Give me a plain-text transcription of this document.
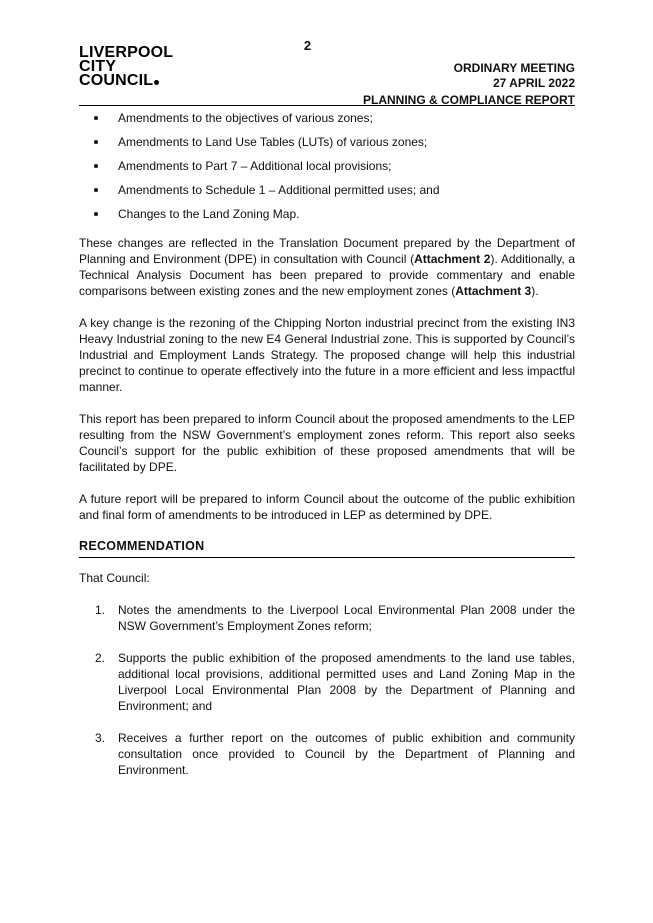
2
LIVERPOOL
CITY
COUNCIL
ORDINARY MEETING
27 APRIL 2022
PLANNING & COMPLIANCE REPORT
Amendments to the objectives of various zones;
Amendments to Land Use Tables (LUTs) of various zones;
Amendments to Part 7 – Additional local provisions;
Amendments to Schedule 1 – Additional permitted uses; and
Changes to the Land Zoning Map.

These changes are reflected in the Translation Document prepared by the Department of Planning and Environment (DPE) in consultation with Council (Attachment 2). Additionally, a Technical Analysis Document has been prepared to provide commentary and enable comparisons between existing zones and the new employment zones (Attachment 3).

A key change is the rezoning of the Chipping Norton industrial precinct from the existing IN3 Heavy Industrial zoning to the new E4 General Industrial zone. This is supported by Council’s Industrial and Employment Lands Strategy. The proposed change will help this industrial precinct to continue to operate effectively into the future in a more efficient and less impactful manner.

This report has been prepared to inform Council about the proposed amendments to the LEP resulting from the NSW Government’s employment zones reform. This report also seeks Council’s support for the public exhibition of these proposed amendments that will be facilitated by DPE.

A future report will be prepared to inform Council about the outcome of the public exhibition and final form of amendments to be introduced in LEP as determined by DPE.

RECOMMENDATION

That Council:

1. Notes the amendments to the Liverpool Local Environmental Plan 2008 under the NSW Government’s Employment Zones reform;
2. Supports the public exhibition of the proposed amendments to the land use tables, additional local provisions, additional permitted uses and Land Zoning Map in the Liverpool Local Environmental Plan 2008 by the Department of Planning and Environment; and
3. Receives a further report on the outcomes of public exhibition and community consultation once provided to Council by the Department of Planning and Environment.
